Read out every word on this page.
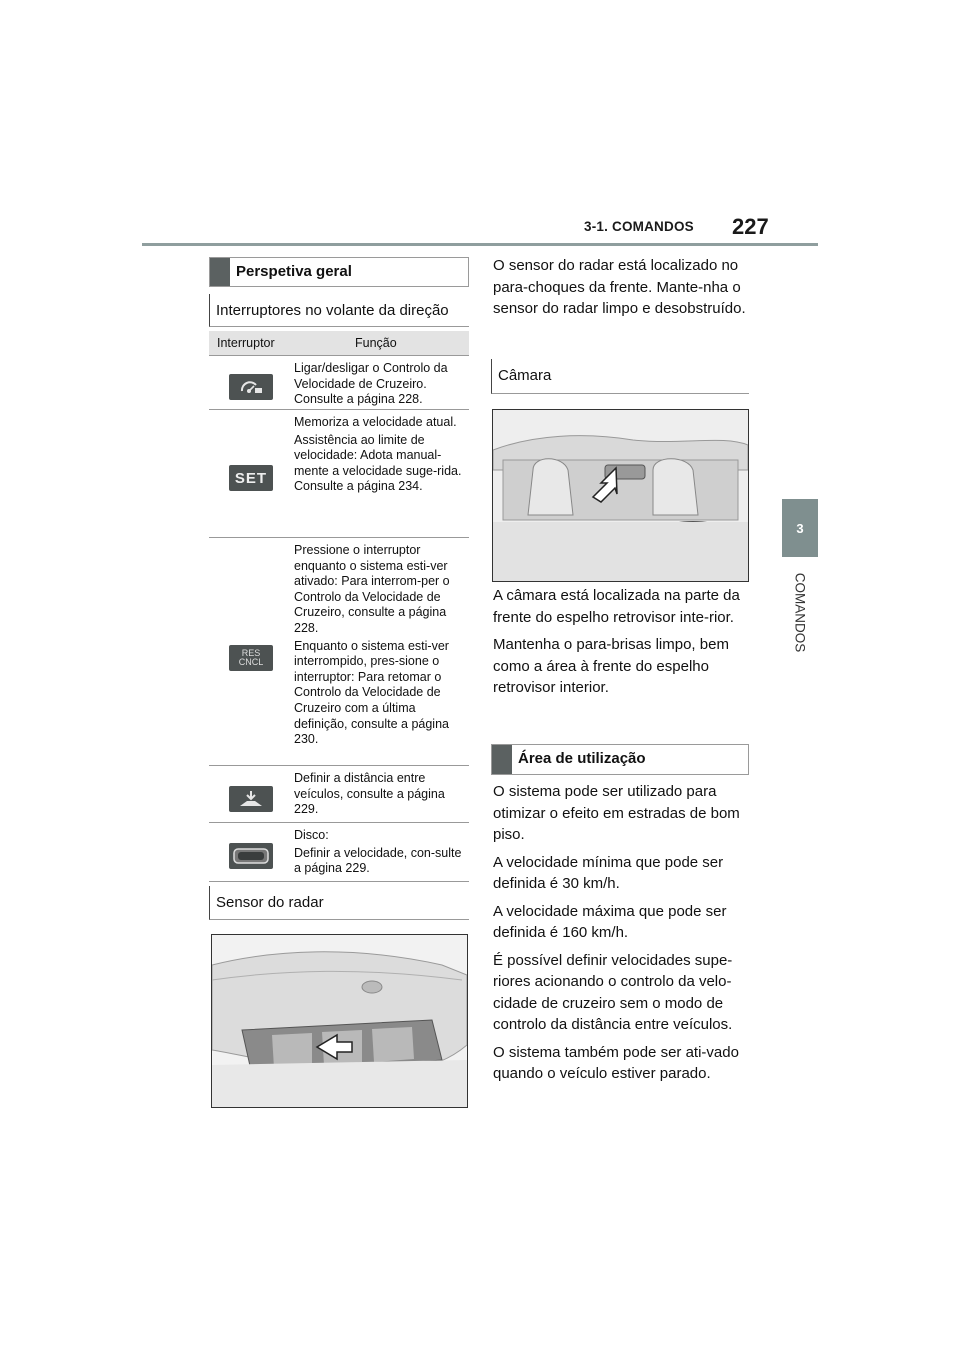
3-1. COMANDOS 227
3
COMANDOS
Perspetiva geral
Interruptores no volante da direção
Interruptor	Função

Ligar/desligar o Controlo da Velocidade de Cruzeiro. Consulte a página 228.

SET

Memoriza a velocidade atual.

Assistência ao limite de velocidade: Adota manual-mente a velocidade suge-rida. Consulte a página 234.

RES
CNCL

Pressione o interruptor enquanto o sistema esti-ver ativado: Para interrom-per o Controlo da Velocidade de Cruzeiro, consulte a página 228.

Enquanto o sistema esti-ver interrompido, pres-sione o interruptor: Para retomar o Controlo da Velocidade de Cruzeiro com a última definição, consulte a página 230.

Definir a distância entre veículos, consulte a página 229.

Disco:

Definir a velocidade, con-sulte a página 229.

Sensor do radar

O sensor do radar está localizado no para-choques da frente. Mante-nha o sensor do radar limpo e desobstruído.

Câmara

A câmara está localizada na parte da frente do espelho retrovisor inte-rior.

Mantenha o para-brisas limpo, bem como a área à frente do espelho retrovisor interior.

Área de utilização

O sistema pode ser utilizado para otimizar o efeito em estradas de bom piso.

A velocidade mínima que pode ser definida é 30 km/h.

A velocidade máxima que pode ser definida é 160 km/h.

É possível definir velocidades supe-riores acionando o controlo da velo-cidade de cruzeiro sem o modo de controlo da distância entre veículos.

O sistema também pode ser ati-vado quando o veículo estiver parado.
